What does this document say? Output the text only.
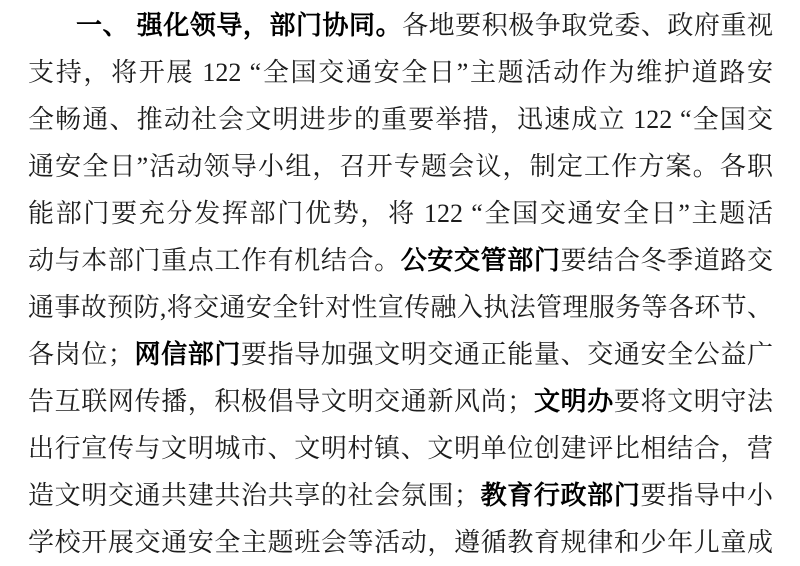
一、 强化领导，部门协同。各地要积极争取党委、政府重视
支持，将开展 122 “全国交通安全日”主题活动作为维护道路安
全畅通、推动社会文明进步的重要举措，迅速成立 122 “全国交
通安全日”活动领导小组，召开专题会议，制定工作方案。各职
能部门要充分发挥部门优势，将 122 “全国交通安全日”主题活
动与本部门重点工作有机结合。公安交管部门要结合冬季道路交
通事故预防,将交通安全针对性宣传融入执法管理服务等各环节、
各岗位；网信部门要指导加强文明交通正能量、交通安全公益广
告互联网传播，积极倡导文明交通新风尚；文明办要将文明守法
出行宣传与文明城市、文明村镇、文明单位创建评比相结合，营
造文明交通共建共治共享的社会氛围；教育行政部门要指导中小
学校开展交通安全主题班会等活动，遵循教育规律和少年儿童成
